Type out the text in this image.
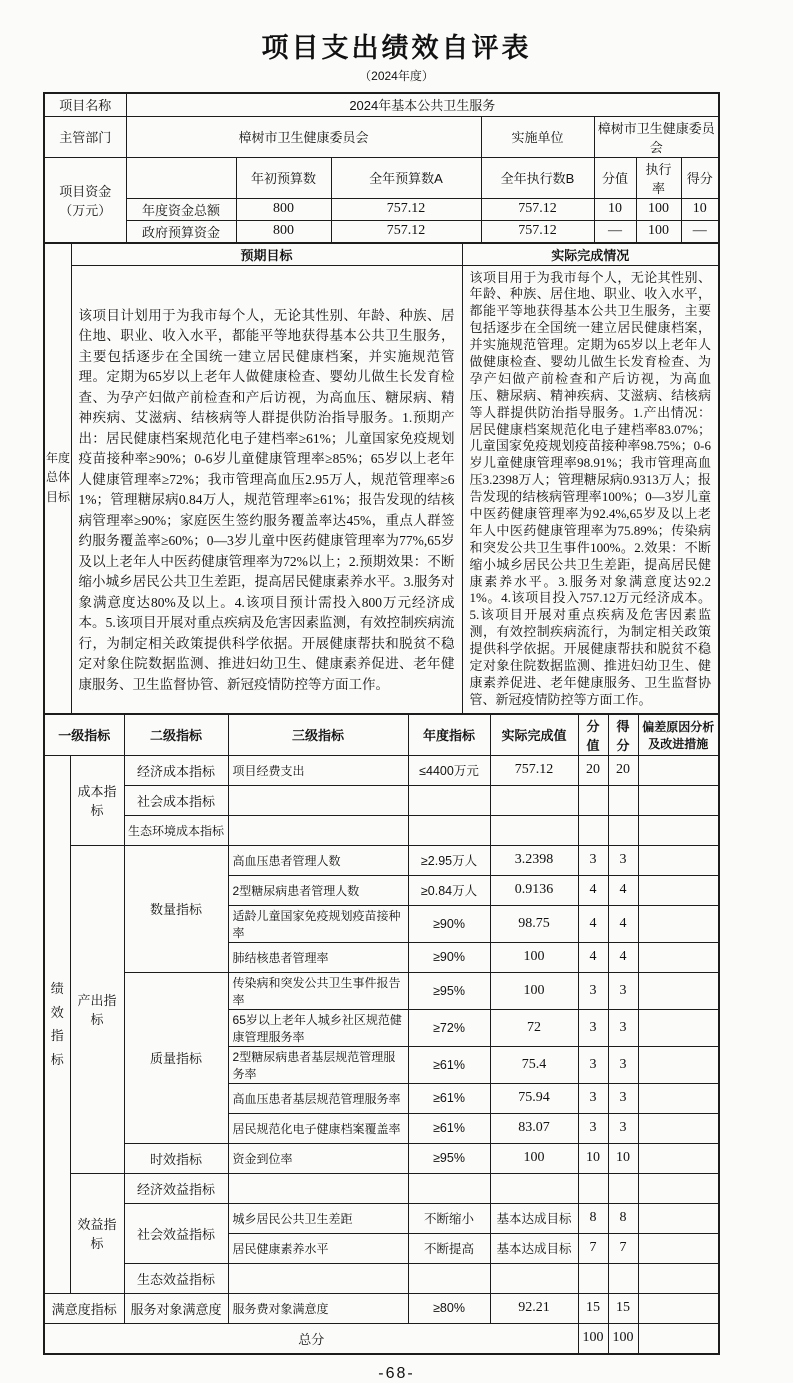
项目支出绩效自评表
（2024年度）
项目名称	2024年基本公共卫生服务						
主管部门	樟树市卫生健康委员会			实施单位	樟树市卫生健康委员会		
项目资金（万元）		年初预算数	全年预算数A	全年执行数B	分值	执行率	得分
	年度资金总额	800	757.12	757.12	10	100	10
	政府预算资金	800	757.12	757.12	—	100	—
年度总体目标	预期目标	实际完成情况
该项目计划用于为我市每个人，无论其性别、年龄、种族、居住地、职业、收入水平，都能平等地获得基本公共卫生服务，主要包括逐步在全国统一建立居民健康档案，并实施规范管理。定期为65岁以上老年人做健康检查、婴幼儿做生长发育检查、为孕产妇做产前检查和产后访视，为高血压、糖尿病、精神疾病、艾滋病、结核病等人群提供防治指导服务。1.预期产出：居民健康档案规范化电子建档率≥61%；儿童国家免疫规划疫苗接种率≥90%；0-6岁儿童健康管理率≥85%；65岁以上老年人健康管理率≥72%；我市管理高血压2.95万人，规范管理率≥61%；管理糖尿病0.84万人，规范管理率≥61%；报告发现的结核病管理率≥90%；家庭医生签约服务覆盖率达45%，重点人群签约服务覆盖率≥60%；0—3岁儿童中医药健康管理率为77%,65岁及以上老年人中医药健康管理率为72%以上；2.预期效果：不断缩小城乡居民公共卫生差距，提高居民健康素养水平。3.服务对象满意度达80%及以上。4.该项目预计需投入800万元经济成本。5.该项目开展对重点疾病及危害因素监测，有效控制疾病流行，为制定相关政策提供科学依据。开展健康帮扶和脱贫不稳定对象住院数据监测、推进妇幼卫生、健康素养促进、老年健康服务、卫生监督协管、新冠疫情防控等方面工作。	该项目用于为我市每个人，无论其性别、年龄、种族、居住地、职业、收入水平，都能平等地获得基本公共卫生服务，主要包括逐步在全国统一建立居民健康档案，并实施规范管理。定期为65岁以上老年人做健康检查、婴幼儿做生长发育检查、为孕产妇做产前检查和产后访视，为高血压、糖尿病、精神疾病、艾滋病、结核病等人群提供防治指导服务。1.产出情况：居民健康档案规范化电子建档率83.07%；儿童国家免疫规划疫苗接种率98.75%；0-6岁儿童健康管理率98.91%；我市管理高血压3.2398万人；管理糖尿病0.9313万人；报告发现的结核病管理率100%；0—3岁儿童中医药健康管理率为92.4%,65岁及以上老年人中医药健康管理率为75.89%；传染病和突发公共卫生事件100%。2.效果：不断缩小城乡居民公共卫生差距，提高居民健康素养水平。3.服务对象满意度达92.21%。4.该项目投入757.12万元经济成本。5.该项目开展对重点疾病及危害因素监测，有效控制疾病流行，为制定相关政策提供科学依据。开展健康帮扶和脱贫不稳定对象住院数据监测、推进妇幼卫生、健康素养促进、老年健康服务、卫生监督协管、新冠疫情防控等方面工作。
一级指标		二级指标	三级指标	年度指标	实际完成值	分值	得分	偏差原因分析及改进措施

绩效指标	成本指标	经济成本指标	项目经费支出	≤4400万元	757.12	20	20	
		社会成本指标						
		生态环境成本指标						
	产出指标	数量指标	高血压患者管理人数	≥2.95万人	3.2398	3	3	
			2型糖尿病患者管理人数	≥0.84万人	0.9136	4	4	
			适龄儿童国家免疫规划疫苗接种率	≥90%	98.75	4	4	
			肺结核患者管理率	≥90%	100	4	4	
		质量指标	传染病和突发公共卫生事件报告率	≥95%	100	3	3	
			65岁以上老年人城乡社区规范健康管理服务率	≥72%	72	3	3	
			2型糖尿病患者基层规范管理服务率	≥61%	75.4	3	3	
			高血压患者基层规范管理服务率	≥61%	75.94	3	3	
			居民规范化电子健康档案覆盖率	≥61%	83.07	3	3	
		时效指标	资金到位率	≥95%	100	10	10	
	效益指标	经济效益指标						
		社会效益指标	城乡居民公共卫生差距	不断缩小	基本达成目标	8	8	
			居民健康素养水平	不断提高	基本达成目标	7	7	
		生态效益指标						
满意度指标		服务对象满意度	服务费对象满意度	≥80%	92.21	15	15	
总分						100	100	
-68-
